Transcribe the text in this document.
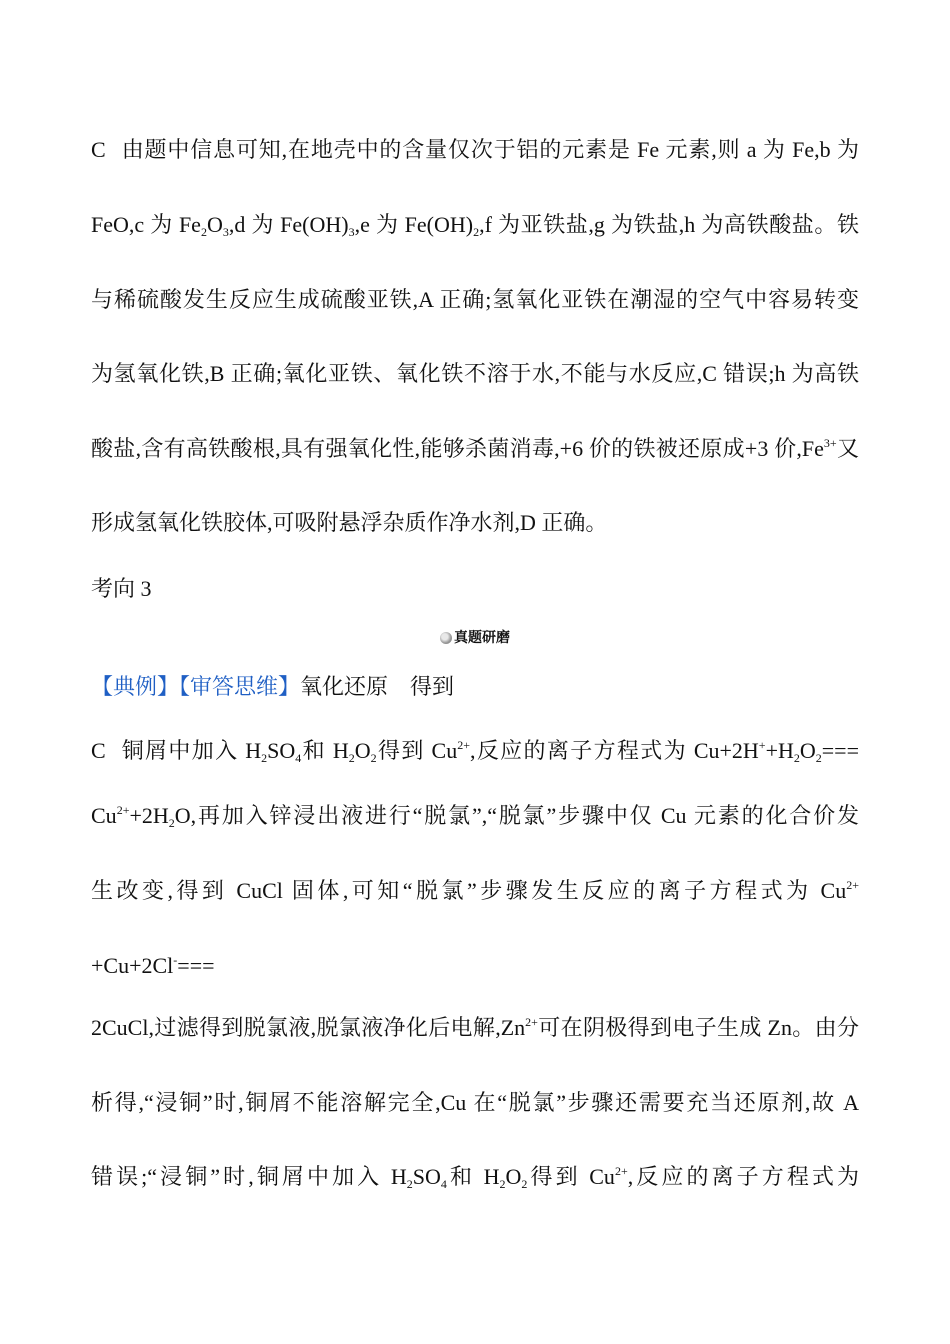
C 由题中信息可知,在地壳中的含量仅次于铝的元素是 Fe 元素,则 a 为 Fe,b 为
FeO,c 为 $Fe_2O_3,d$ 为 $Fe(OH)_3,e$ 为 $Fe(OH)_2,f$ 为亚铁盐,g 为铁盐,h 为高铁酸盐。铁
与稀硫酸发生反应生成硫酸亚铁,A 正确;氢氧化亚铁在潮湿的空气中容易转变
为氢氧化铁,B 正确;氧化亚铁、氧化铁不溶于水,不能与水反应,C 错误;h 为高铁
酸盐,含有高铁酸根,具有强氧化性,能够杀菌消毒,+6 价的铁被还原成+3 价$,Fe^{3+}$又
形成氢氧化铁胶体,可吸附悬浮杂质作净水剂,D 正确。
考向 3
真题研磨
【典例】【审答思维】氧化还原　得到
C 铜屑中加入 $H_2SO_4$和 $H_2O_2$得到 $Cu^{2+}$,反应的离子方程式为 $Cu+2H^++H_2O_2===$
$Cu^{2+}+2H_2O$,再加入锌浸出液进行“脱氯”,“脱氯”步骤中仅 Cu 元素的化合价发
生改变,得到 CuCl 固体,可知“脱氯”步骤发生反应的离子方程式为 $Cu^{2+}$
+Cu+2Cl-===
2CuCl,过滤得到脱氯液,脱氯液净化后电解$,Zn^{2+}$可在阴极得到电子生成 Zn。由分
析得,“浸铜”时,铜屑不能溶解完全,Cu 在“脱氯”步骤还需要充当还原剂,故 A
错误;“浸铜”时,铜屑中加入 $H_2SO_4$和 $H_2O_2$得到 $Cu^{2+}$,反应的离子方程式为
